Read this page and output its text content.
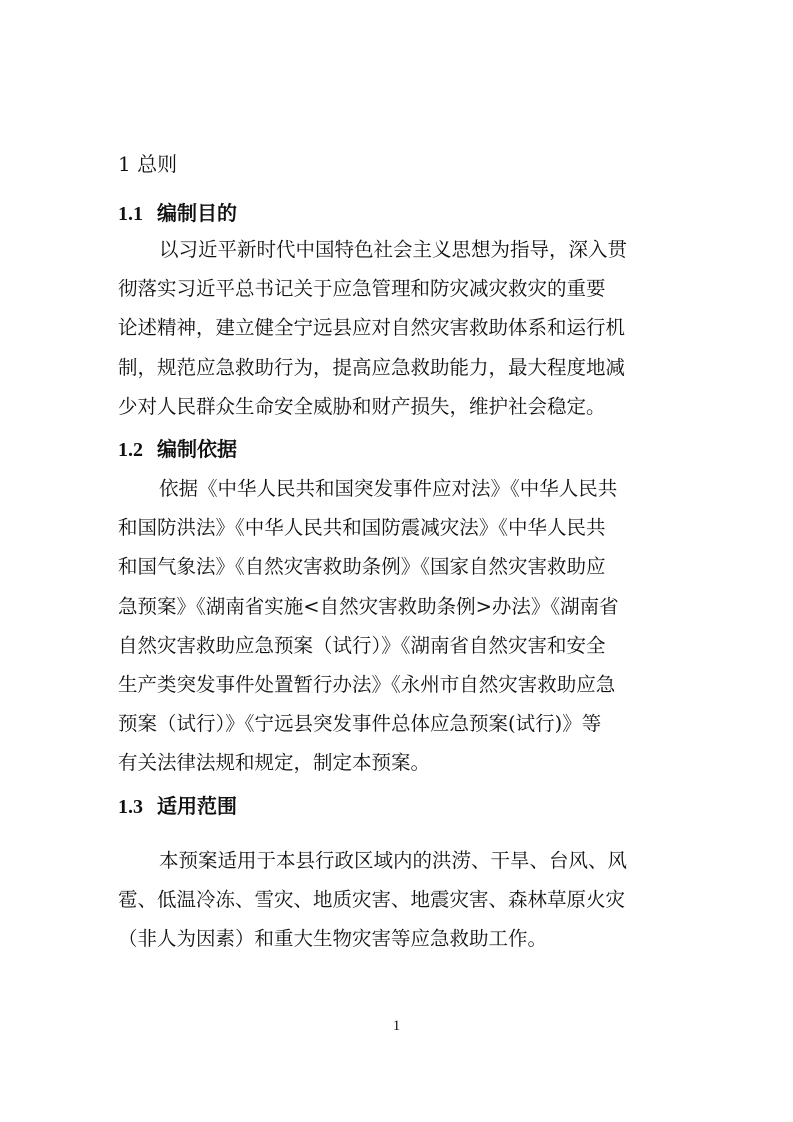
1 总则
1.1 编制目的

以习近平新时代中国特色社会主义思想为指导，深入贯
彻落实习近平总书记关于应急管理和防灾减灾救灾的重要
论述精神，建立健全宁远县应对自然灾害救助体系和运行机
制，规范应急救助行为，提高应急救助能力，最大程度地减
少对人民群众生命安全威胁和财产损失，维护社会稳定。

1.2 编制依据

依据《中华人民共和国突发事件应对法》《中华人民共
和国防洪法》《中华人民共和国防震减灾法》《中华人民共
和国气象法》《自然灾害救助条例》《国家自然灾害救助应
急预案》《湖南省实施<自然灾害救助条例>办法》《湖南省
自然灾害救助应急预案（试行）》《湖南省自然灾害和安全
生产类突发事件处置暂行办法》《永州市自然灾害救助应急
预案（试行）》《宁远县突发事件总体应急预案(试行)》等
有关法律法规和规定，制定本预案。

1.3 适用范围

本预案适用于本县行政区域内的洪涝、干旱、台风、风
雹、低温冷冻、雪灾、地质灾害、地震灾害、森林草原火灾
（非人为因素）和重大生物灾害等应急救助工作。

1
